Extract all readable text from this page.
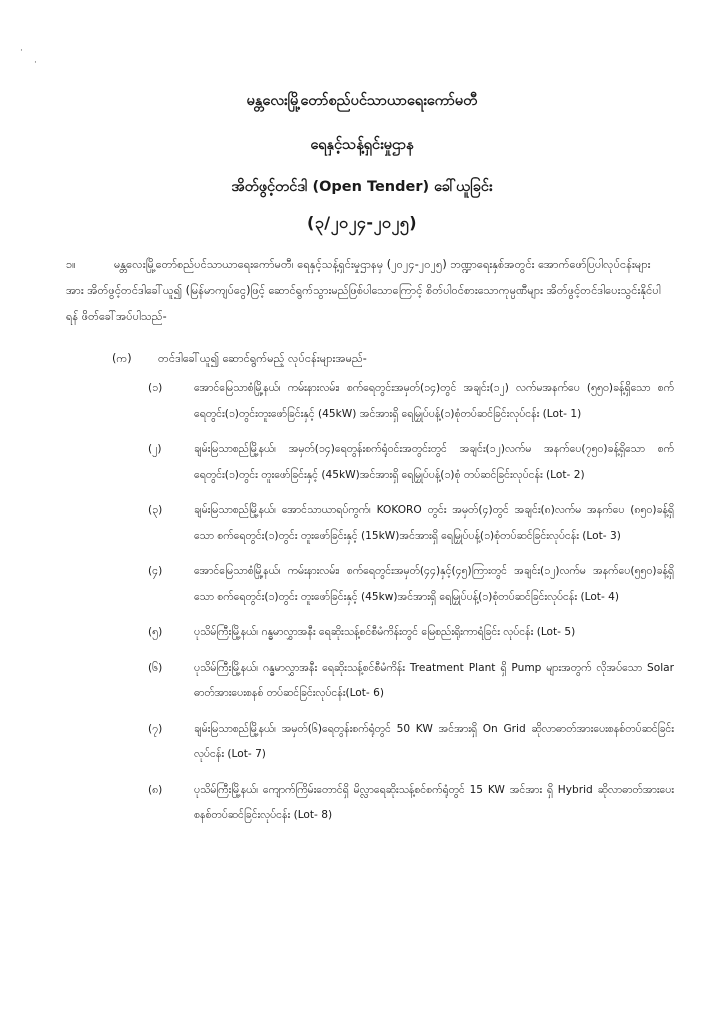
·
·
မန္တလေးမြို့တော်စည်ပင်သာယာရေးကော်မတီ
ရေနှင့်သန့်ရှင်းမှုဌာန
အိတ်ဖွင့်တင်ဒါ (Open Tender) ခေါ်ယူခြင်း
(၃/၂၀၂၄-၂၀၂၅)
၁။	မန္တလေးမြို့တော်စည်ပင်သာယာရေးကော်မတီ၊ ရေနှင့်သန့်ရှင်းမှုဌာနမှ (၂၀၂၄-၂၀၂၅) ဘဏ္ဍာရေးနှစ်အတွင်း အောက်ဖော်ပြပါလုပ်ငန်းများအား အိတ်ဖွင့်တင်ဒါခေါ်ယူ၍ (မြန်မာကျပ်ငွေ)ဖြင့် ဆောင်ရွက်သွားမည်ဖြစ်ပါသောကြောင့် စိတ်ပါဝင်စားသောကုမ္ပဏီများ အိတ်ဖွင့်တင်ဒါပေးသွင်းနိုင်ပါရန် ဖိတ်ခေါ်အပ်ပါသည်-
(က) တင်ဒါခေါ်ယူ၍ ဆောင်ရွက်မည့် လုပ်ငန်းများအမည်-
(၁)	အောင်မြေသာစံမြို့နယ်၊ ကမ်းနားလမ်း၊ စက်ရေတွင်းအမှတ်(၁၄)တွင် အချင်း(၁၂) လက်မအနက်ပေ (၅၅၀)ခန့်ရှိသော စက်ရေတွင်း(၁)တွင်းတူးဖော်ခြင်းနှင့် (45kW) အင်အားရှိ ရေမြှုပ်ပန့်(၁)စုံတပ်ဆင်ခြင်းလုပ်ငန်း (Lot- 1)
(၂)	ချမ်းမြသာစည်မြို့နယ်၊ အမှတ်(၁၄)ရေတွန်းစက်ရုံဝင်းအတွင်းတွင် အချင်း(၁၂)လက်မ အနက်ပေ(၇၅၀)ခန့်ရှိသော စက်ရေတွင်း(၁)တွင်း တူးဖော်ခြင်းနှင့် (45kW)အင်အားရှိ ရေမြှုပ်ပန့်(၁)စုံ တပ်ဆင်ခြင်းလုပ်ငန်း (Lot- 2)
(၃)	ချမ်းမြသာစည်မြို့နယ်၊ အောင်သာယာရပ်ကွက်၊ KOKORO တွင်း အမှတ်(၄)တွင် အချင်း(၈)လက်မ အနက်ပေ (၈၅၀)ခန့်ရှိသော စက်ရေတွင်း(၁)တွင်း တူးဖော်ခြင်းနှင့် (15kW)အင်အားရှိ ရေမြှုပ်ပန့်(၁)စုံတပ်ဆင်ခြင်းလုပ်ငန်း (Lot- 3)
(၄)	အောင်မြေသာစံမြို့နယ်၊ ကမ်းနားလမ်း၊ စက်ရေတွင်းအမှတ်(၄၄)နှင့်(၄၅)ကြားတွင် အချင်း(၁၂)လက်မ အနက်ပေ(၅၅၀)ခန့်ရှိသော စက်ရေတွင်း(၁)တွင်း တူးဖော်ခြင်းနှင့် (45kw)အင်အားရှိ ရေမြှုပ်ပန့်(၁)စုံတပ်ဆင်ခြင်းလုပ်ငန်း (Lot- 4)
(၅)	ပုသိမ်ကြီးမြို့နယ်၊ ဂန္ဓမာလွှာအနီး ရေဆိုးသန့်စင်စီမံကိန်းတွင် မြေစည်းရိုးကာရံခြင်း လုပ်ငန်း (Lot- 5)
(၆)	ပုသိမ်ကြီးမြို့နယ်၊ ဂန္ဓမာလွှာအနီး ရေဆိုးသန့်စင်စီမံကိန်း Treatment Plant ရှိ Pump များအတွက် လိုအပ်သော Solar ဓာတ်အားပေးစနစ် တပ်ဆင်ခြင်းလုပ်ငန်း(Lot- 6)
(၇)	ချမ်းမြသာစည်မြို့နယ်၊ အမှတ်(၆)ရေတွန်းစက်ရုံတွင် 50 KW အင်အားရှိ On Grid ဆိုလာဓာတ်အားပေးစနစ်တပ်ဆင်ခြင်းလုပ်ငန်း (Lot- 7)
(၈)	ပုသိမ်ကြီးမြို့နယ်၊ ကျောက်ကြိမ်းတောင်ရှိ မိလ္လာရေဆိုးသန့်စင်စက်ရုံတွင် 15 KW အင်အား ရှိ Hybrid ဆိုလာဓာတ်အားပေးစနစ်တပ်ဆင်ခြင်းလုပ်ငန်း (Lot- 8)
